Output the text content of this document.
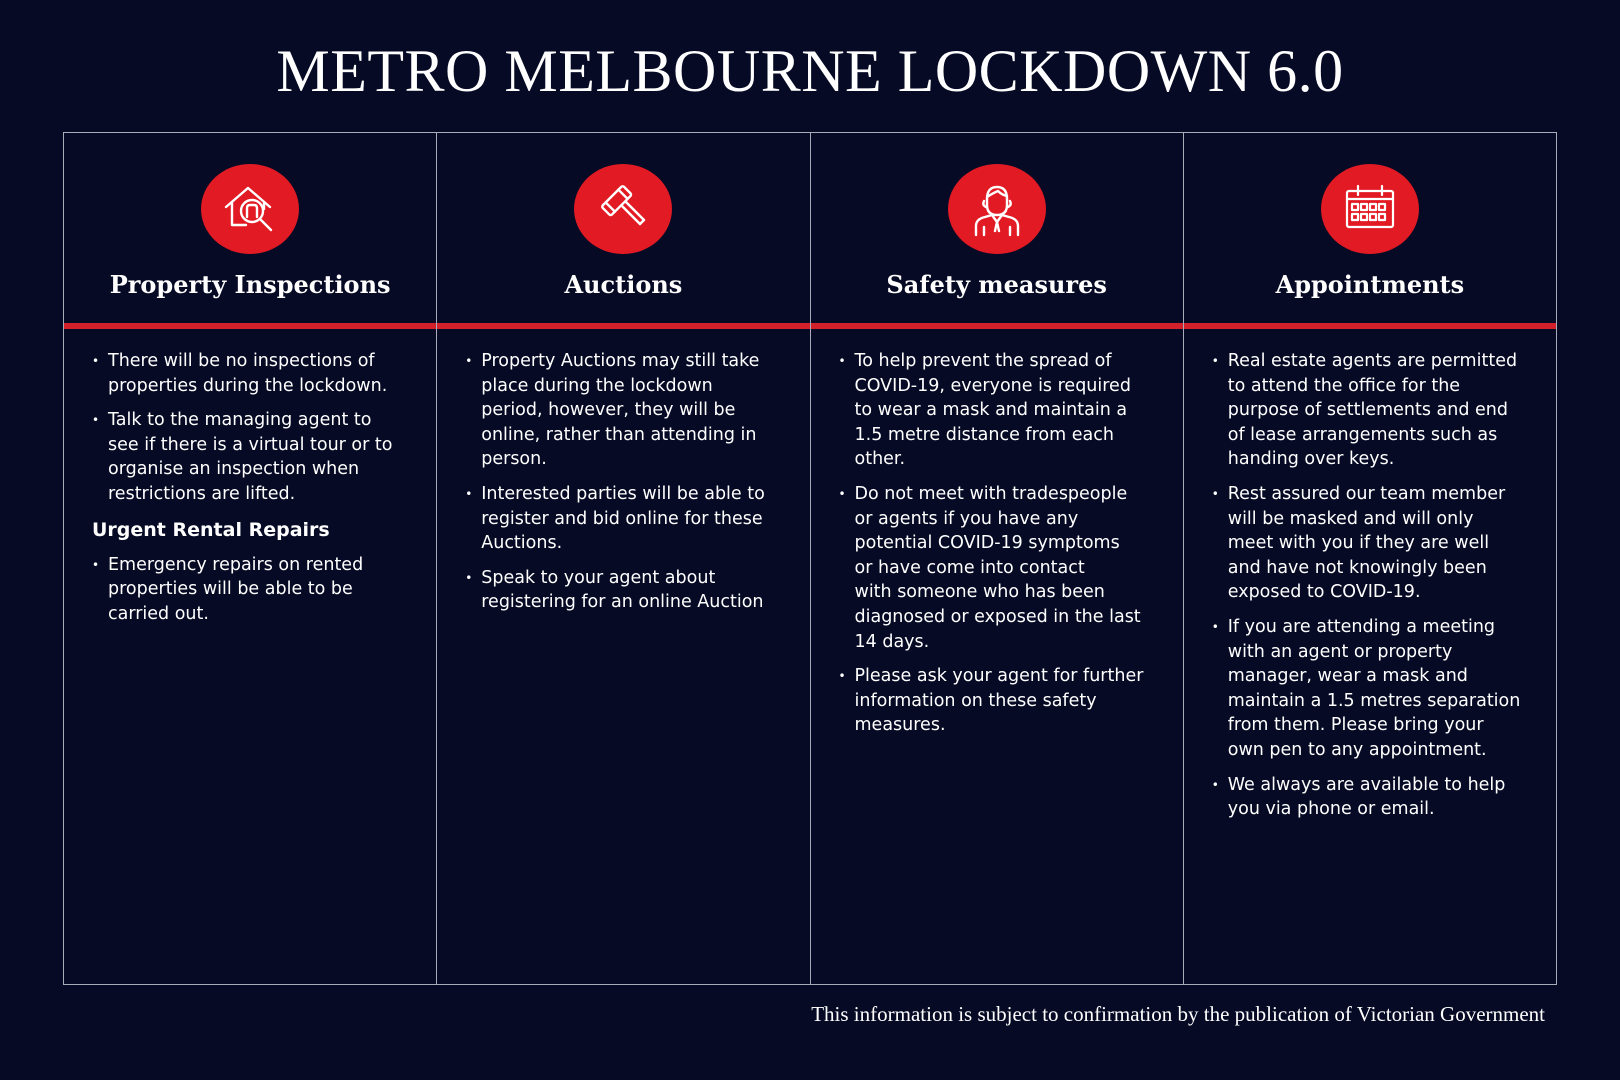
METRO MELBOURNE LOCKDOWN 6.0
Property Inspections
• There will be no inspections of
properties during the lockdown.
• Talk to the managing agent to
see if there is a virtual tour or to
organise an inspection when
restrictions are lifted.
Urgent Rental Repairs
• Emergency repairs on rented
properties will be able to be
carried out.
Auctions
• Property Auctions may still take
place during the lockdown
period, however, they will be
online, rather than attending in
person.
• Interested parties will be able to
register and bid online for these
Auctions.
• Speak to your agent about
registering for an online Auction
Safety measures
• To help prevent the spread of
COVID-19, everyone is required
to wear a mask and maintain a
1.5 metre distance from each
other.
• Do not meet with tradespeople
or agents if you have any
potential COVID-19 symptoms
or have come into contact
with someone who has been
diagnosed or exposed in the last
14 days.
• Please ask your agent for further
information on these safety
measures.
Appointments
• Real estate agents are permitted
to attend the office for the
purpose of settlements and end
of lease arrangements such as
handing over keys.
• Rest assured our team member
will be masked and will only
meet with you if they are well
and have not knowingly been
exposed to COVID-19.
• If you are attending a meeting
with an agent or property
manager, wear a mask and
maintain a 1.5 metres separation
from them. Please bring your
own pen to any appointment.
• We always are available to help
you via phone or email.
This information is subject to confirmation by the publication of Victorian Government
